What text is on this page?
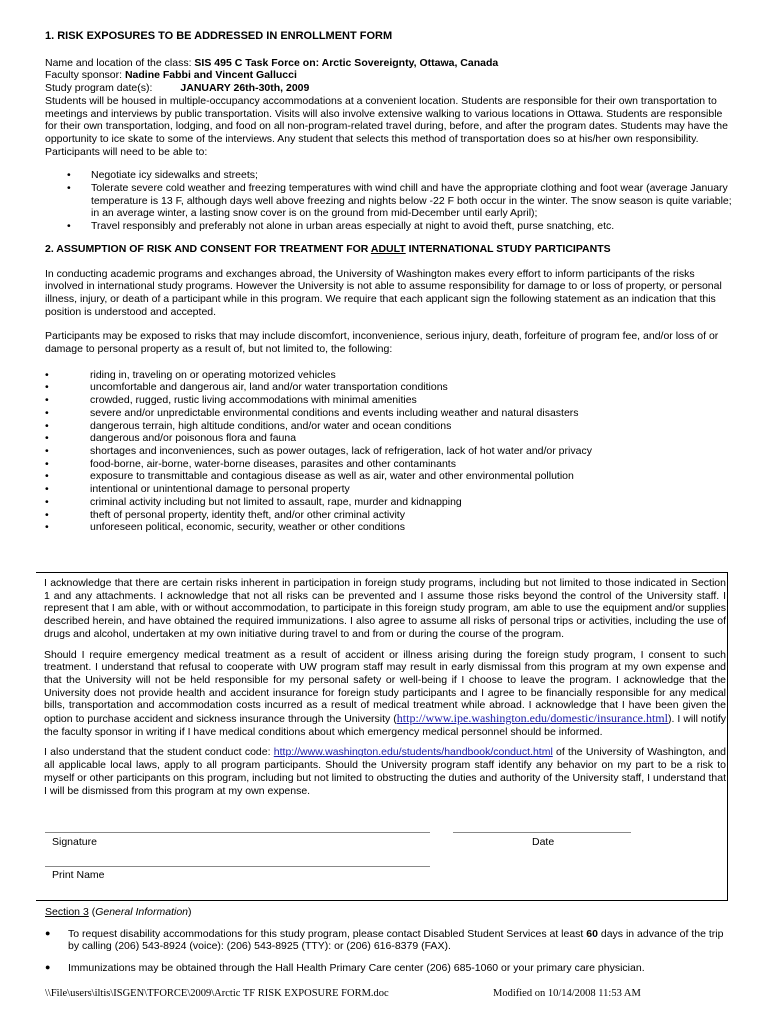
1. RISK EXPOSURES TO BE ADDRESSED IN ENROLLMENT FORM

Name and location of the class: SIS 495 C Task Force on: Arctic Sovereignty, Ottawa, Canada

Faculty sponsor: Nadine Fabbi and Vincent Gallucci

Study program date(s):	JANUARY 26th-30th, 2009

Students will be housed in multiple-occupancy accommodations at a convenient location. Students are responsible for their own transportation to meetings and interviews by public transportation. Visits will also involve extensive walking to various locations in Ottawa. Students are responsible for their own transportation, lodging, and food on all non-program-related travel during, before, and after the program dates. Students may have the opportunity to ice skate to some of the interviews. Any student that selects this method of transportation does so at his/her own responsibility. Participants will need to be able to:

• Negotiate icy sidewalks and streets;
• Tolerate severe cold weather and freezing temperatures with wind chill and have the appropriate clothing and foot wear (average January temperature is 13 F, although days well above freezing and nights below -22 F both occur in the winter. The snow season is quite variable; in an average winter, a lasting snow cover is on the ground from mid-December until early April);
• Travel responsibly and preferably not alone in urban areas especially at night to avoid theft, purse snatching, etc.
2. ASSUMPTION OF RISK AND CONSENT FOR TREATMENT FOR ADULT INTERNATIONAL STUDY PARTICIPANTS

In conducting academic programs and exchanges abroad, the University of Washington makes every effort to inform participants of the risks involved in international study programs. However the University is not able to assume responsibility for damage to or loss of property, or personal illness, injury, or death of a participant while in this program. We require that each applicant sign the following statement as an indication that this position is understood and accepted.

Participants may be exposed to risks that may include discomfort, inconvenience, serious injury, death, forfeiture of program fee, and/or loss of or damage to personal property as a result of, but not limited to, the following:

• riding in, traveling on or operating motorized vehicles
• uncomfortable and dangerous air, land and/or water transportation conditions
• crowded, rugged, rustic living accommodations with minimal amenities
• severe and/or unpredictable environmental conditions and events including weather and natural disasters
• dangerous terrain, high altitude conditions, and/or water and ocean conditions
• dangerous and/or poisonous flora and fauna
• shortages and inconveniences, such as power outages, lack of refrigeration, lack of hot water and/or privacy
• food-borne, air-borne, water-borne diseases, parasites and other contaminants
• exposure to transmittable and contagious disease as well as air, water and other environmental pollution
• intentional or unintentional damage to personal property
• criminal activity including but not limited to assault, rape, murder and kidnapping
• theft of personal property, identity theft, and/or other criminal activity
• unforeseen political, economic, security, weather or other conditions

I acknowledge that there are certain risks inherent in participation in foreign study programs, including but not limited to those indicated in Section 1 and any attachments. I acknowledge that not all risks can be prevented and I assume those risks beyond the control of the University staff. I represent that I am able, with or without accommodation, to participate in this foreign study program, am able to use the equipment and/or supplies described herein, and have obtained the required immunizations. I also agree to assume all risks of personal trips or activities, including the use of drugs and alcohol, undertaken at my own initiative during travel to and from or during the course of the program.

Should I require emergency medical treatment as a result of accident or illness arising during the foreign study program, I consent to such treatment. I understand that refusal to cooperate with UW program staff may result in early dismissal from this program at my own expense and that the University will not be held responsible for my personal safety or well-being if I choose to leave the program. I acknowledge that the University does not provide health and accident insurance for foreign study participants and I agree to be financially responsible for any medical bills, transportation and accommodation costs incurred as a result of medical treatment while abroad. I acknowledge that I have been given the option to purchase accident and sickness insurance through the University (http://www.ipe.washington.edu/domestic/insurance.html). I will notify the faculty sponsor in writing if I have medical conditions about which emergency medical personnel should be informed.

I also understand that the student conduct code: http://www.washington.edu/students/handbook/conduct.html of the University of Washington, and all applicable local laws, apply to all program participants. Should the University program staff identify any behavior on my part to be a risk to myself or other participants on this program, including but not limited to obstructing the duties and authority of the University staff, I understand that I will be dismissed from this program at my own expense.

Signature	Date
Print Name
Section 3 (General Information)
● To request disability accommodations for this study program, please contact Disabled Student Services at least 60 days in advance of the trip by calling (206) 543-8924 (voice): (206) 543-8925 (TTY): or (206) 616-8379 (FAX).
● Immunizations may be obtained through the Hall Health Primary Care center (206) 685-1060 or your primary care physician.
\\File\users\iltis\ISGEN\TFORCE\2009\Arctic TF RISK EXPOSURE FORM.doc	Modified on 10/14/2008 11:53 AM
